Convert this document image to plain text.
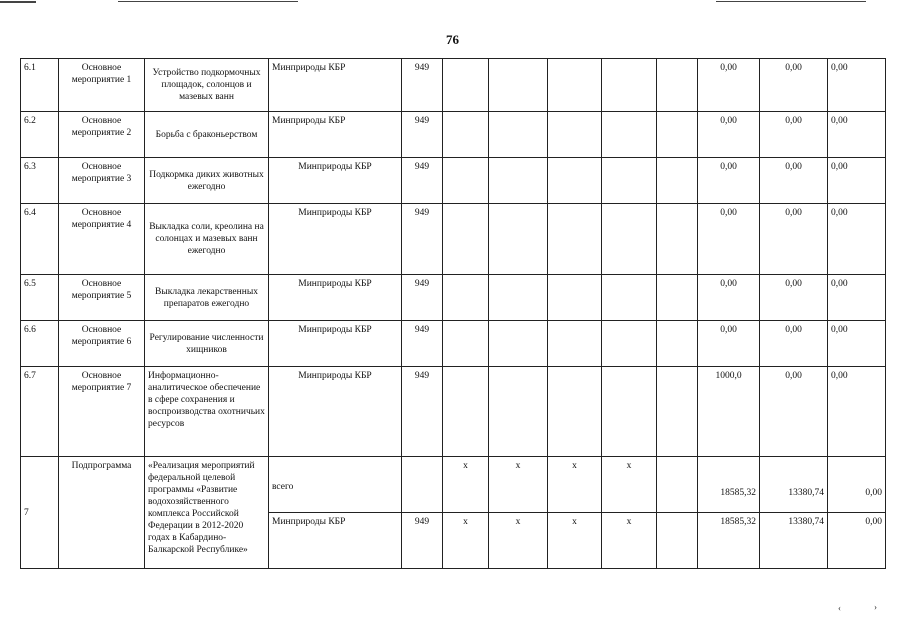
76
6.1	Основное мероприятие 1	Устройство подкормочных площадок, солонцов и мазевых ванн	Минприроды КБР	949						0,00	0,00	0,00
6.2	Основное мероприятие 2	Борьба с браконьерством	Минприроды КБР	949						0,00	0,00	0,00
6.3	Основное мероприятие 3	Подкормка диких животных ежегодно	Минприроды КБР	949						0,00	0,00	0,00
6.4	Основное мероприятие 4	Выкладка соли, креолина на солонцах и мазевых ванн ежегодно	Минприроды КБР	949						0,00	0,00	0,00
6.5	Основное мероприятие 5	Выкладка лекарственных препаратов ежегодно	Минприроды КБР	949						0,00	0,00	0,00
6.6	Основное мероприятие 6	Регулирование численности хищников	Минприроды КБР	949						0,00	0,00	0,00
6.7	Основное мероприятие 7	Информационно-аналитическое обеспечение в сфере сохранения и воспроизводства охотничьих ресурсов	Минприроды КБР	949						1000,0	0,00	0,00
7	Подпрограмма	«Реализация мероприятий федеральной целевой программы «Развитие водохозяйственного комплекса Российской Федерации в 2012-2020 годах в Кабардино-Балкарской Республике»	всего		x	x	x	x		18585,32	13380,74	0,00
			Минприроды КБР	949	x	x	x	x		18585,32	13380,74	0,00
‹	›
